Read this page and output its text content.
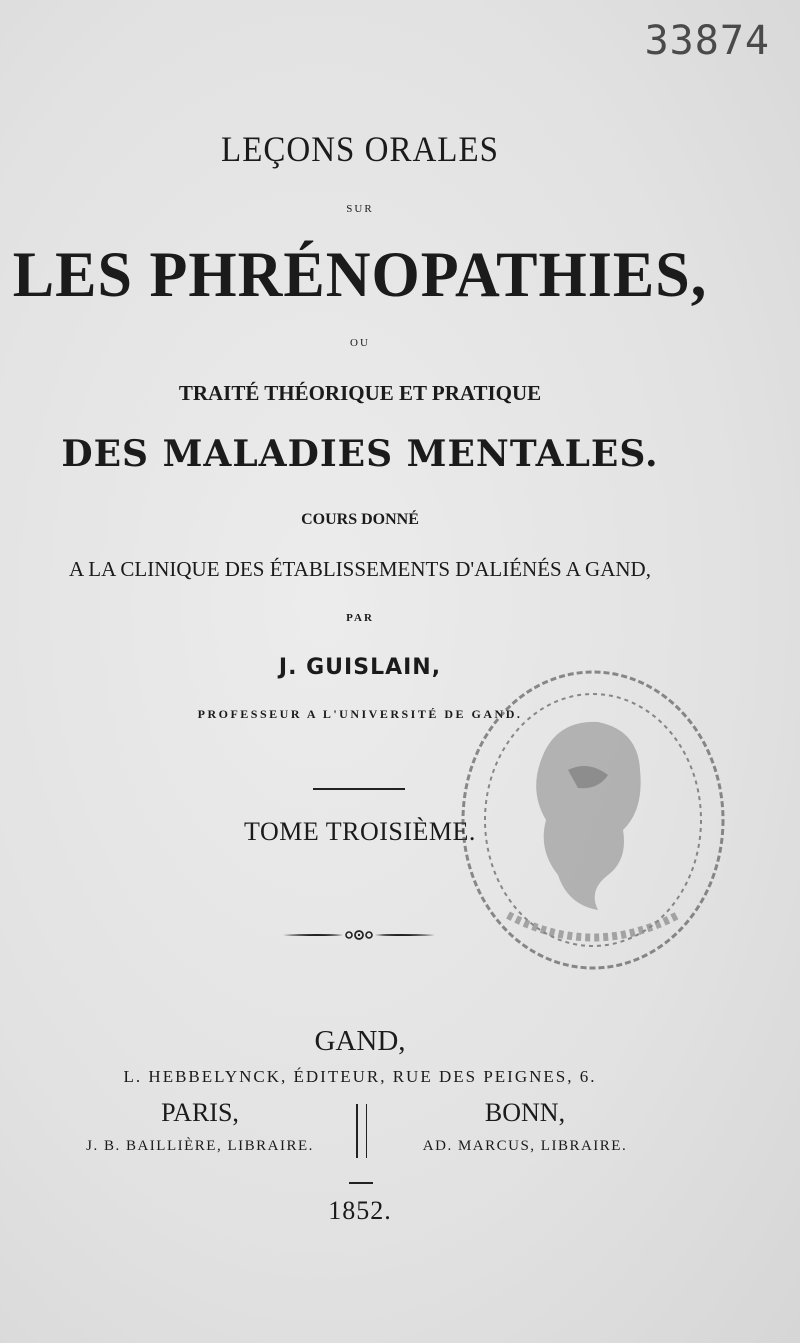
33874
LEÇONS ORALES
SUR
LES PHRÉNOPATHIES,
OU
TRAITÉ THÉORIQUE ET PRATIQUE
DES MALADIES MENTALES.
COURS DONNÉ
A LA CLINIQUE DES ÉTABLISSEMENTS D'ALIÉNÉS A GAND,
PAR
J. GUISLAIN,
PROFESSEUR A L'UNIVERSITÉ DE GAND.
TOME TROISIÈME.
GAND,
L. HEBBELYNCK, ÉDITEUR, RUE DES PEIGNES, 6.
PARIS,
J. B. BAILLIÈRE, LIBRAIRE.
BONN,
AD. MARCUS, LIBRAIRE.
1852.
